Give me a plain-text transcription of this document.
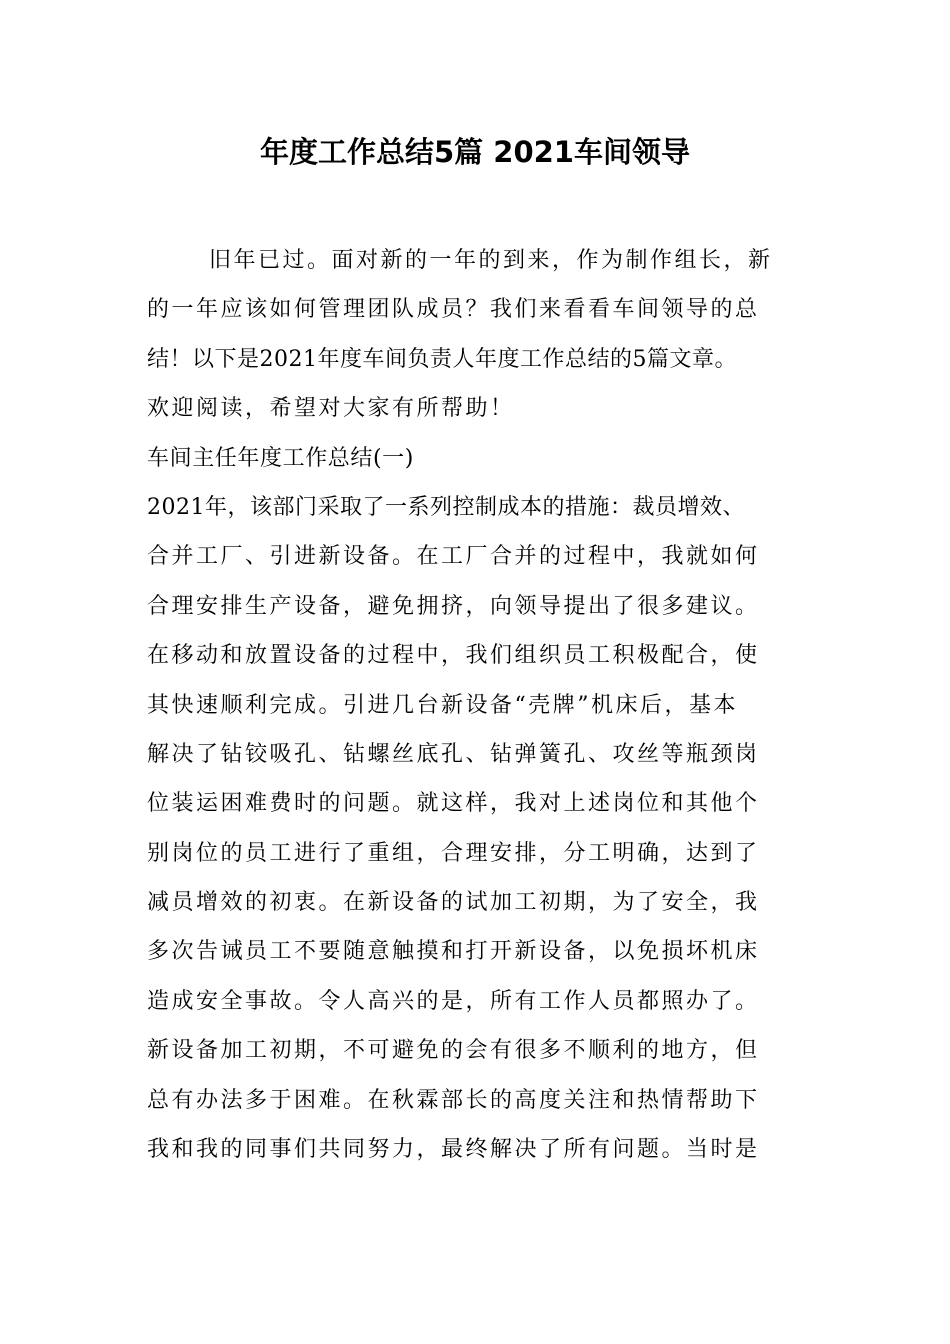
年度工作总结5篇 2021车间领导
旧年已过。面对新的一年的到来，作为制作组长，新
的一年应该如何管理团队成员？我们来看看车间领导的总
结！以下是2021年度车间负责人年度工作总结的5篇文章。
欢迎阅读，希望对大家有所帮助！
车间主任年度工作总结(一)
2021年，该部门采取了一系列控制成本的措施：裁员增效、
合并工厂、引进新设备。在工厂合并的过程中，我就如何
合理安排生产设备，避免拥挤，向领导提出了很多建议。
在移动和放置设备的过程中，我们组织员工积极配合，使
其快速顺利完成。引进几台新设备“壳牌”机床后，基本
解决了钻铰吸孔、钻螺丝底孔、钻弹簧孔、攻丝等瓶颈岗
位装运困难费时的问题。就这样，我对上述岗位和其他个
别岗位的员工进行了重组，合理安排，分工明确，达到了
减员增效的初衷。在新设备的试加工初期，为了安全，我
多次告诫员工不要随意触摸和打开新设备，以免损坏机床
造成安全事故。令人高兴的是，所有工作人员都照办了。
新设备加工初期，不可避免的会有很多不顺利的地方，但
总有办法多于困难。在秋霖部长的高度关注和热情帮助下
我和我的同事们共同努力，最终解决了所有问题。当时是
